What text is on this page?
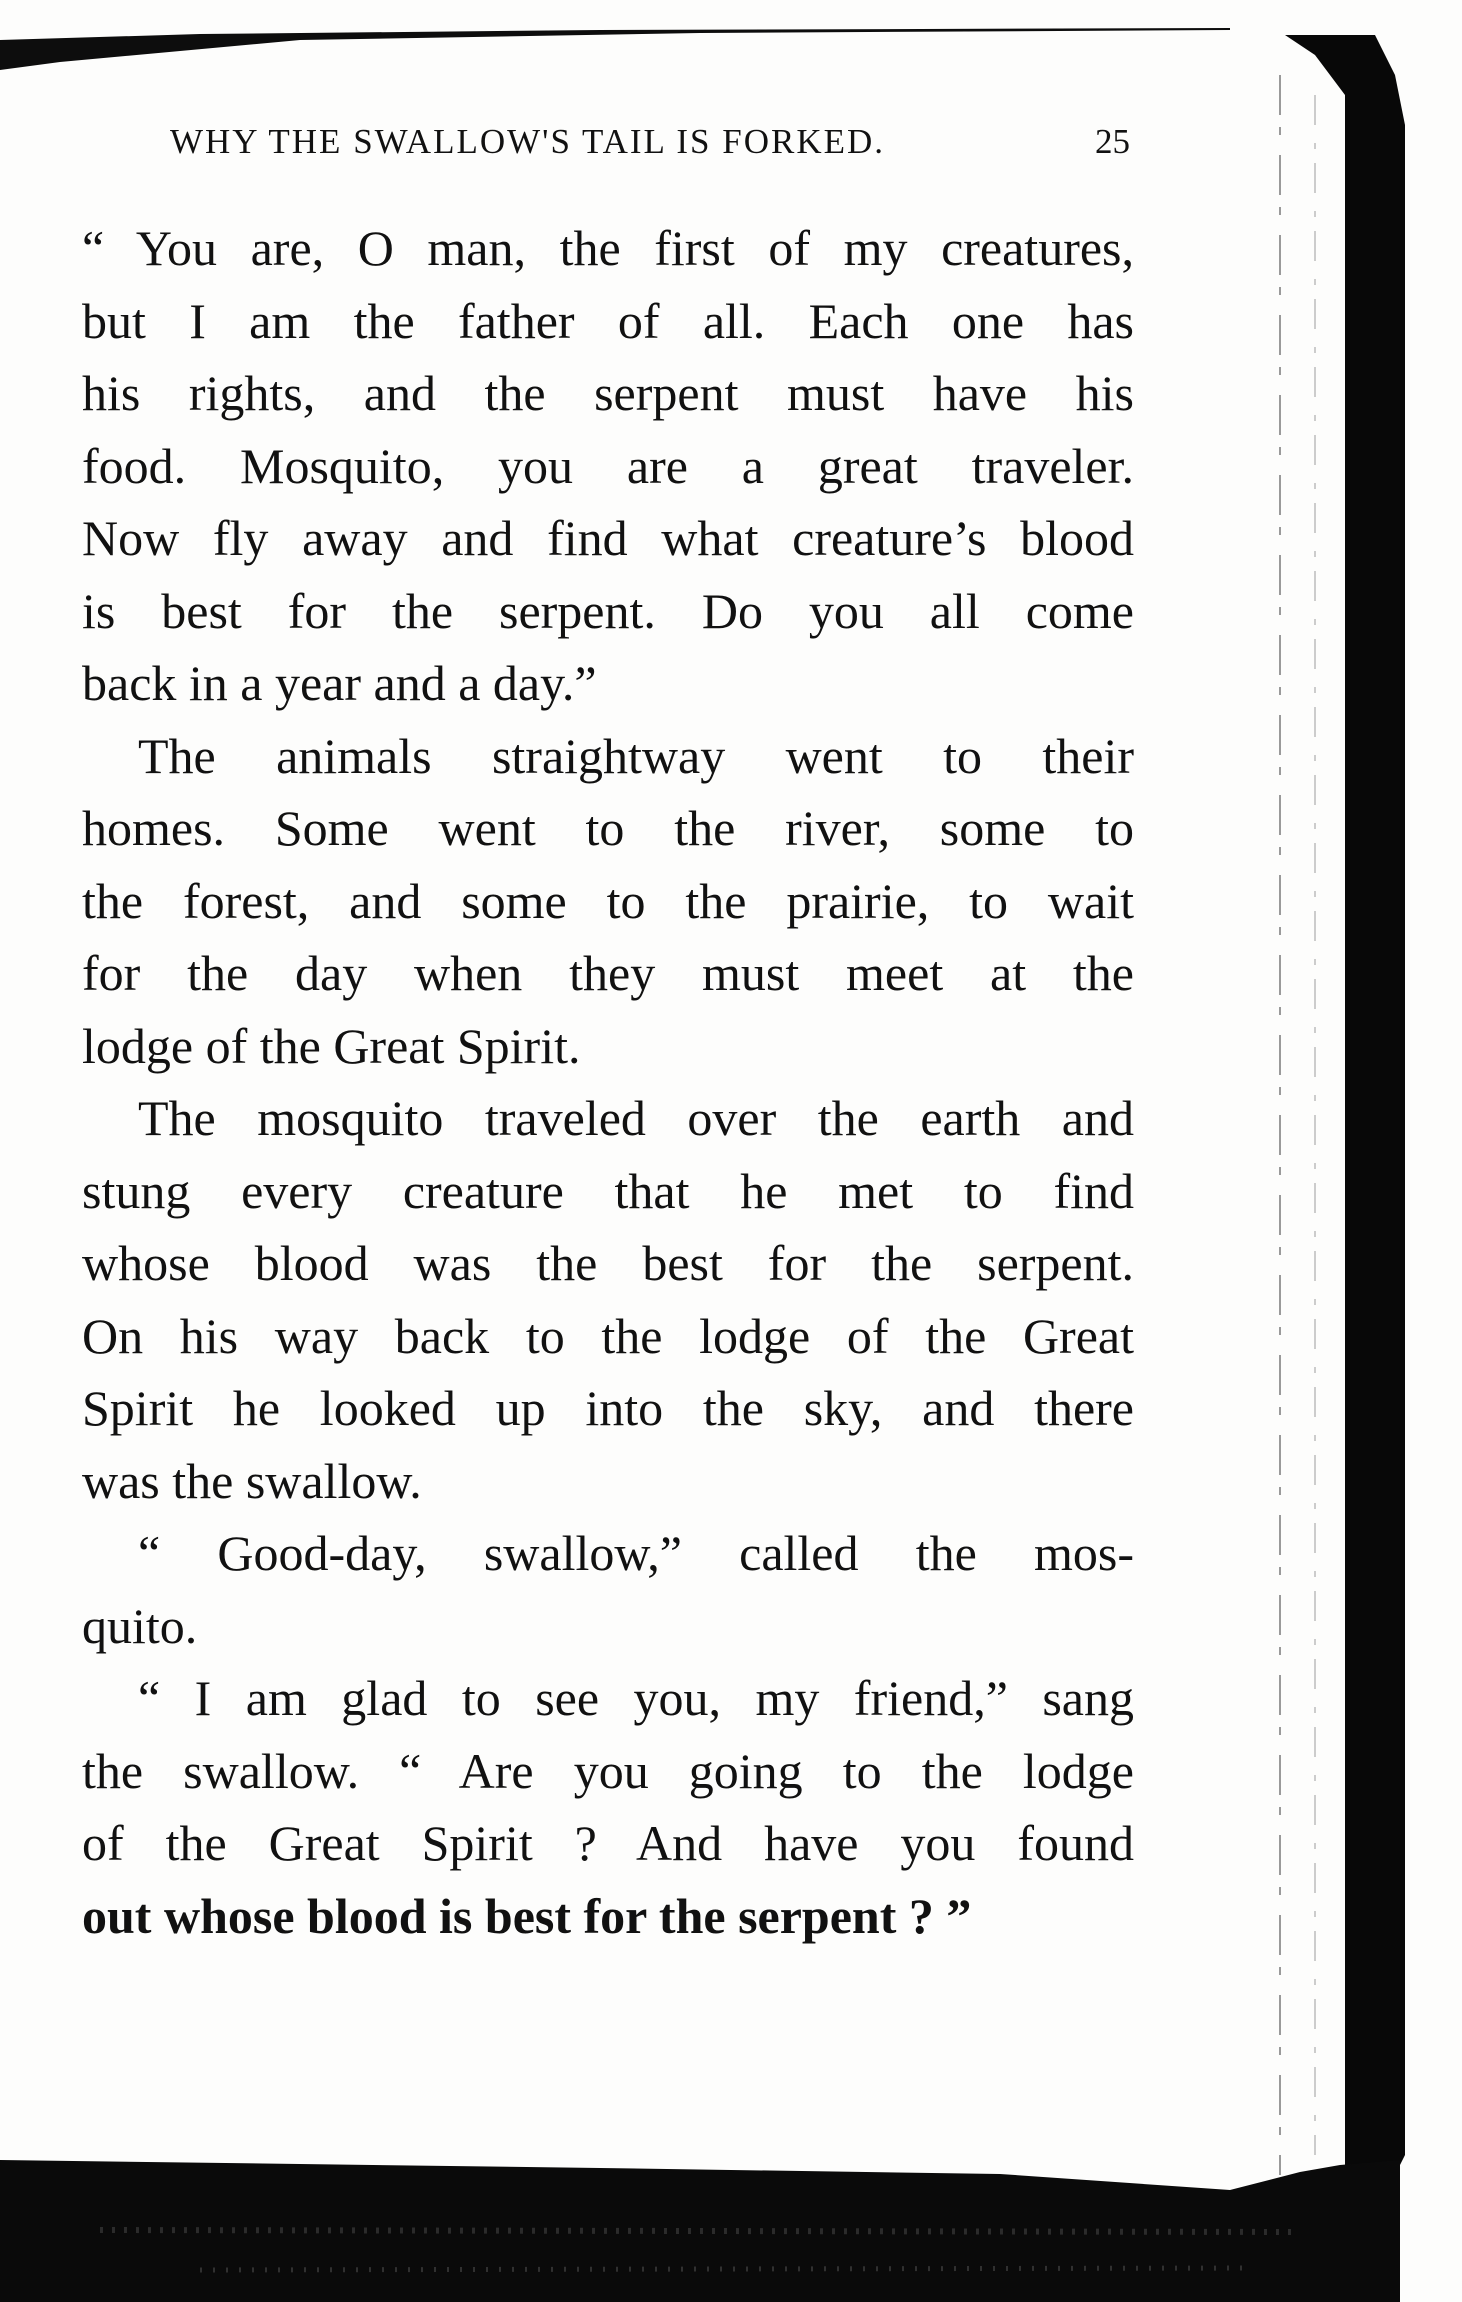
WHY THE SWALLOW'S TAIL IS FORKED.	25
“ You are, O man, the first of my creatures,
but I am the father of all. Each one has
his rights, and the serpent must have his
food. Mosquito, you are a great traveler.
Now fly away and find what creature’s blood
is best for the serpent. Do you all come
back in a year and a day.”
The animals straightway went to their
homes. Some went to the river, some to
the forest, and some to the prairie, to wait
for the day when they must meet at the
lodge of the Great Spirit.
The mosquito traveled over the earth and
stung every creature that he met to find
whose blood was the best for the serpent.
On his way back to the lodge of the Great
Spirit he looked up into the sky, and there
was the swallow.
“ Good-day, swallow,” called the mos-
quito.
“ I am glad to see you, my friend,” sang
the swallow. “ Are you going to the lodge
of the Great Spirit ? And have you found
out whose blood is best for the serpent ? ”
